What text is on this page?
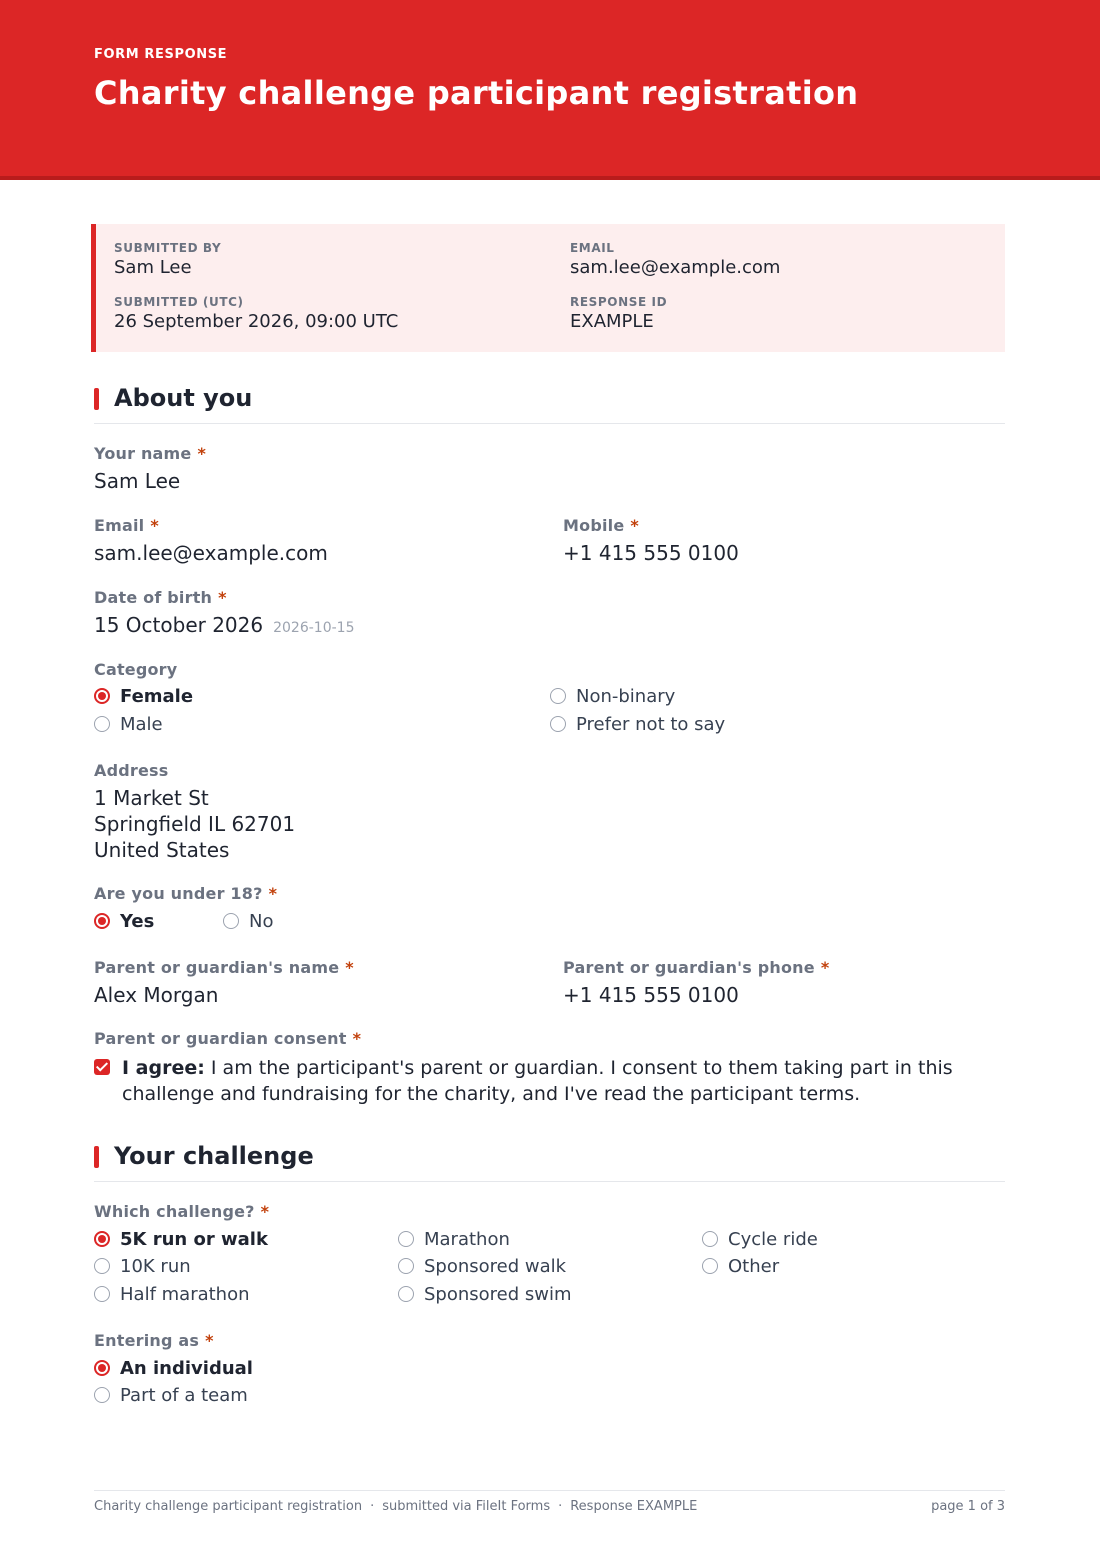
FORM RESPONSE
Charity challenge participant registration
SUBMITTED BY
Sam Lee
EMAIL
sam.lee@example.com
SUBMITTED (UTC)
26 September 2026, 09:00 UTC
RESPONSE ID
EXAMPLE
About you
Your name *
Sam Lee
Email *
sam.lee@example.com
Mobile *
+1 415 555 0100
Date of birth *
15 October 2026 2026-10-15
Category
Female
Male
Non-binary
Prefer not to say
Address
1 Market St
Springfield IL 62701
United States
Are you under 18? *
Yes	No
Parent or guardian's name *
Alex Morgan
Parent or guardian's phone *
+1 415 555 0100
Parent or guardian consent *
I agree: I am the participant's parent or guardian. I consent to them taking part in this challenge and fundraising for the charity, and I've read the participant terms.
Your challenge
Which challenge? *
5K run or walk
10K run
Half marathon
Marathon
Sponsored walk
Sponsored swim
Cycle ride
Other
Entering as *
An individual
Part of a team
Charity challenge participant registration · submitted via FileIt Forms · Response EXAMPLE	page 1 of 3
